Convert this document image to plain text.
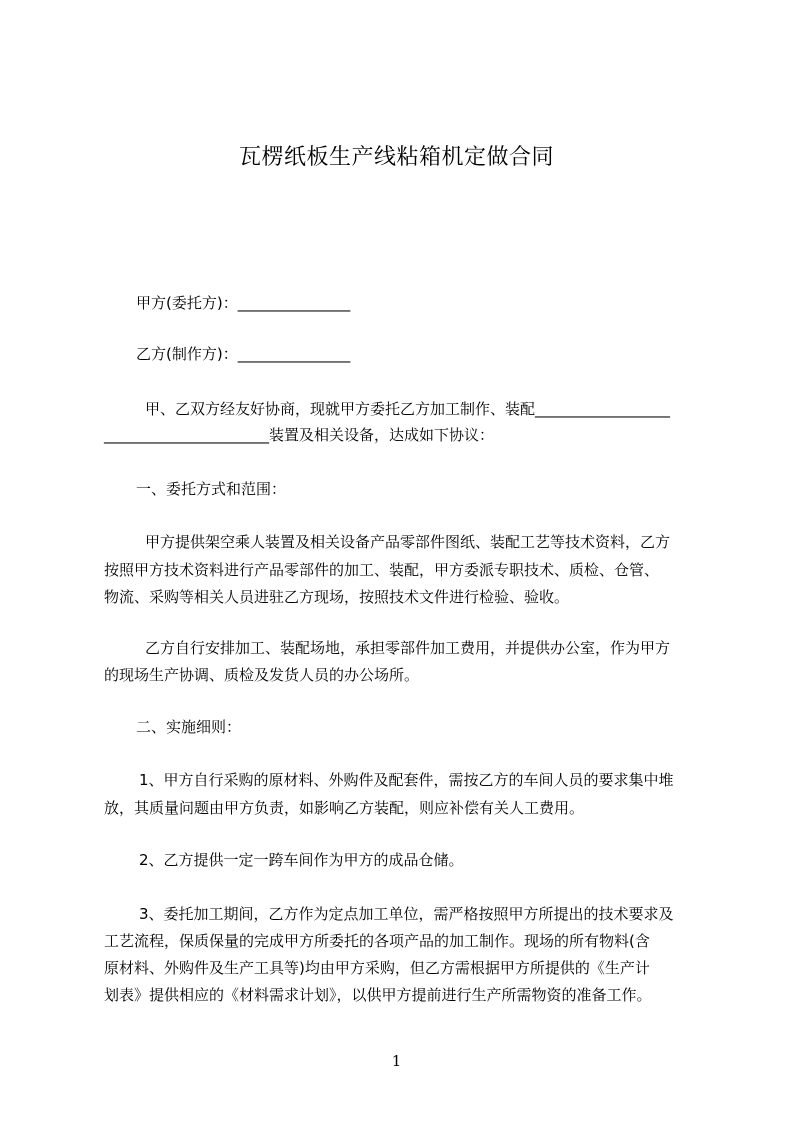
瓦楞纸板生产线粘箱机定做合同
甲方(委托方)：_______________
乙方(制作方)：_______________
甲、乙双方经友好协商，现就甲方委托乙方加工制作、装配__________________
______________________装置及相关设备，达成如下协议：
一、委托方式和范围：
甲方提供架空乘人装置及相关设备产品零部件图纸、装配工艺等技术资料，乙方
按照甲方技术资料进行产品零部件的加工、装配，甲方委派专职技术、质检、仓管、
物流、采购等相关人员进驻乙方现场，按照技术文件进行检验、验收。
乙方自行安排加工、装配场地，承担零部件加工费用，并提供办公室，作为甲方
的现场生产协调、质检及发货人员的办公场所。
二、实施细则：
1、甲方自行采购的原材料、外购件及配套件，需按乙方的车间人员的要求集中堆
放，其质量问题由甲方负责，如影响乙方装配，则应补偿有关人工费用。
2、乙方提供一定一跨车间作为甲方的成品仓储。
3、委托加工期间，乙方作为定点加工单位，需严格按照甲方所提出的技术要求及
工艺流程，保质保量的完成甲方所委托的各项产品的加工制作。现场的所有物料(含
原材料、外购件及生产工具等)均由甲方采购，但乙方需根据甲方所提供的《生产计
划表》提供相应的《材料需求计划》，以供甲方提前进行生产所需物资的准备工作。
1
